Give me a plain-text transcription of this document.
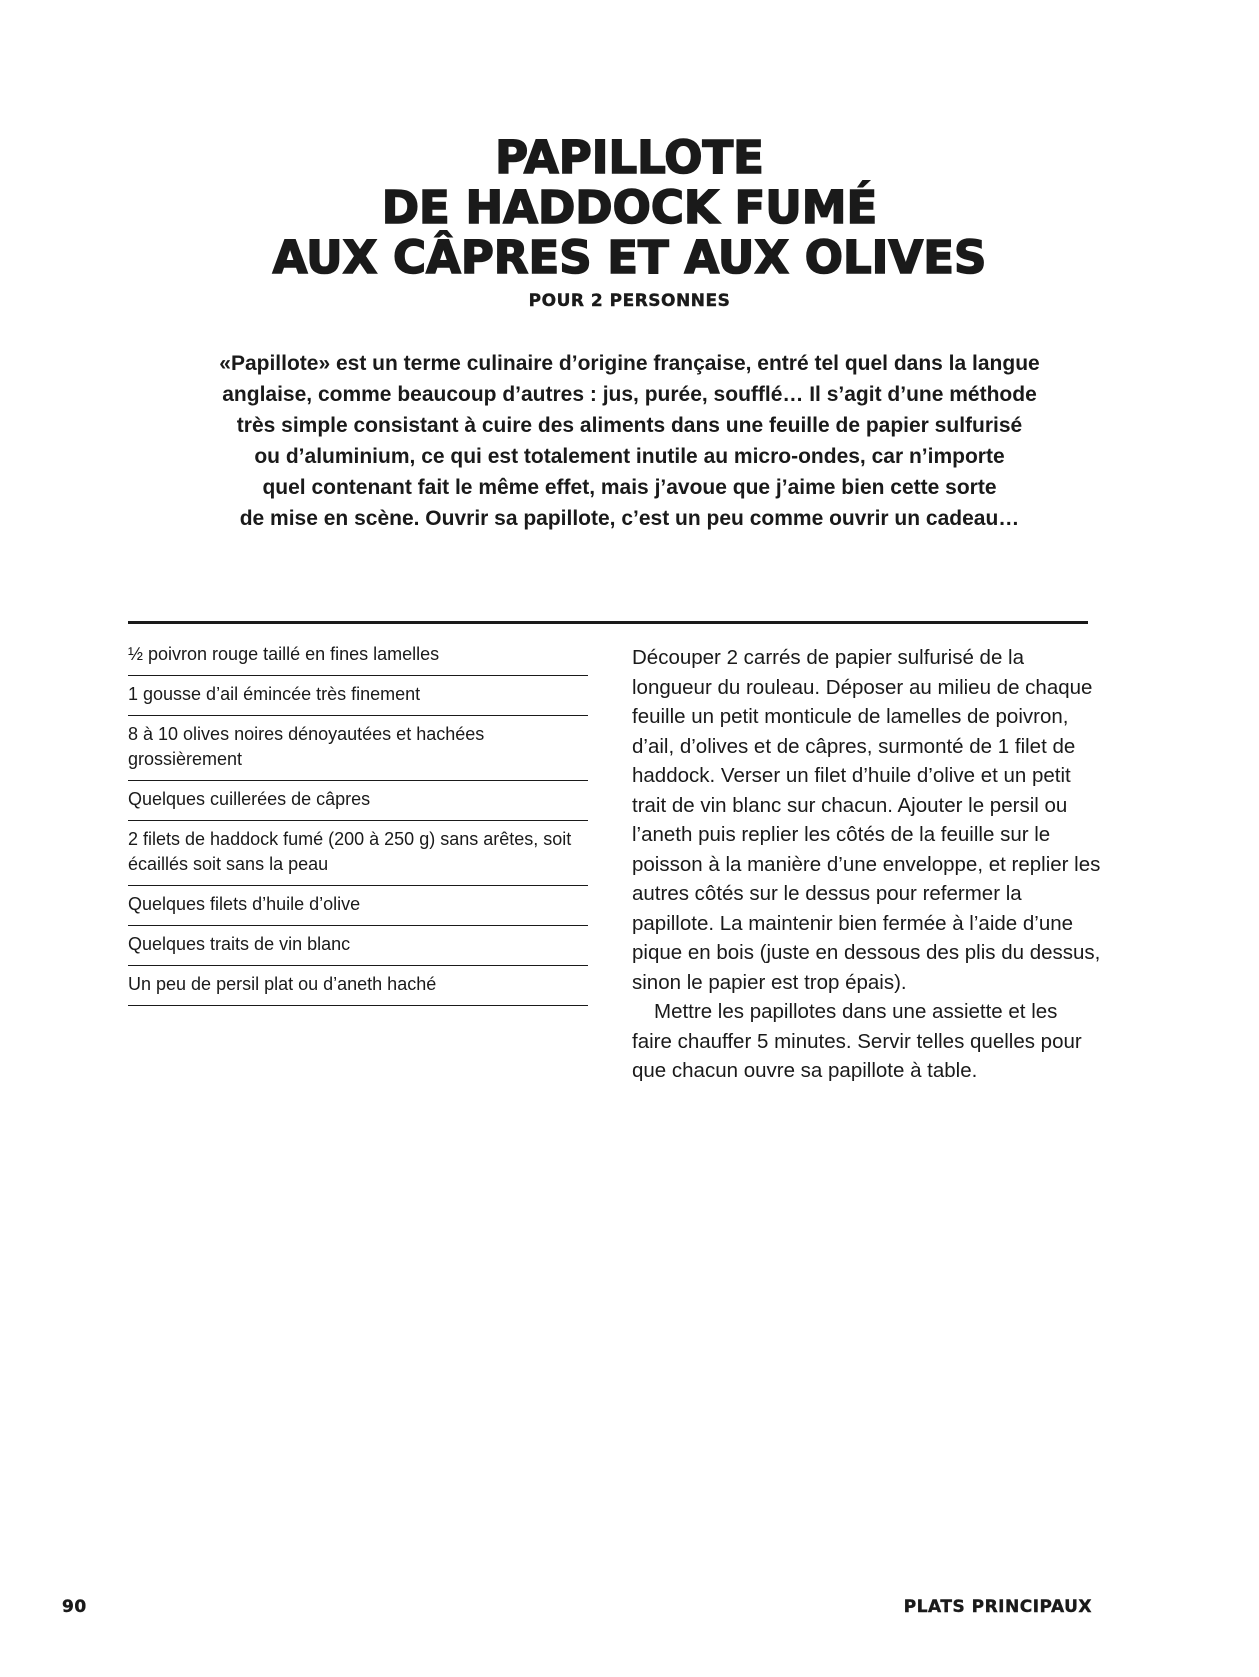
PAPILLOTE
DE HADDOCK FUMÉ
AUX CÂPRES ET AUX OLIVES
POUR 2 PERSONNES
«Papillote» est un terme culinaire d’origine française, entré tel quel dans la langue
anglaise, comme beaucoup d’autres : jus, purée, soufflé… Il s’agit d’une méthode
très simple consistant à cuire des aliments dans une feuille de papier sulfurisé
ou d’aluminium, ce qui est totalement inutile au micro-ondes, car n’importe
quel contenant fait le même effet, mais j’avoue que j’aime bien cette sorte
de mise en scène. Ouvrir sa papillote, c’est un peu comme ouvrir un cadeau…
½ poivron rouge taillé en fines lamelles
1 gousse d’ail émincée très finement
8 à 10 olives noires dénoyautées et hachées grossièrement
Quelques cuillerées de câpres
2 filets de haddock fumé (200 à 250 g) sans arêtes, soit écaillés soit sans la peau
Quelques filets d’huile d’olive
Quelques traits de vin blanc
Un peu de persil plat ou d’aneth haché

Découper 2 carrés de papier sulfurisé de la longueur du rouleau. Déposer au milieu de chaque feuille un petit monticule de lamelles de poivron, d’ail, d’olives et de câpres, surmonté de 1 filet de haddock. Verser un filet d’huile d’olive et un petit trait de vin blanc sur chacun. Ajouter le persil ou l’aneth puis replier les côtés de la feuille sur le poisson à la manière d’une enveloppe, et replier les autres côtés sur le dessus pour refermer la papillote. La maintenir bien fermée à l’aide d’une pique en bois (juste en dessous des plis du dessus, sinon le papier est trop épais).

Mettre les papillotes dans une assiette et les faire chauffer 5 minutes. Servir telles quelles pour que chacun ouvre sa papillote à table.

90	PLATS PRINCIPAUX
